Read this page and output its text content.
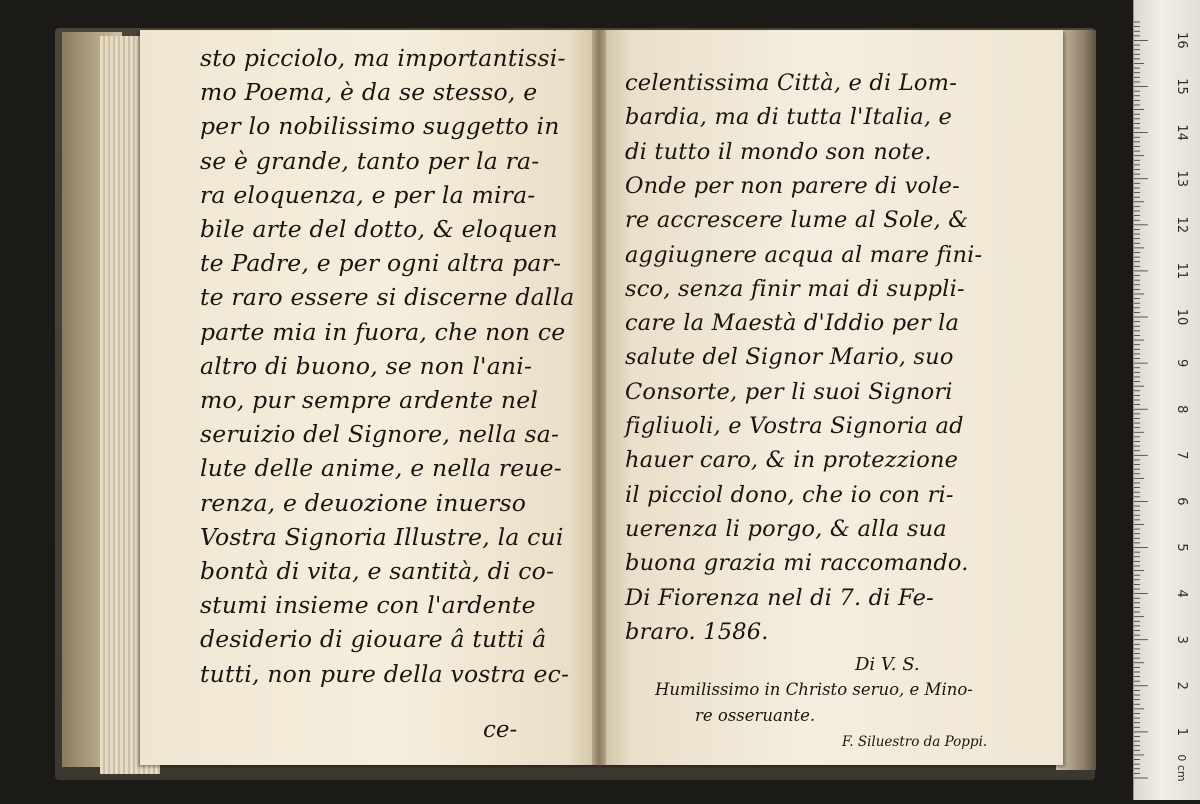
sto picciolo, ma importantissi-
mo Poema, è da se stesso, e
per lo nobilissimo suggetto in
se è grande, tanto per la ra-
ra eloquenza, e per la mira-
bile arte del dotto, & eloquen
te Padre, e per ogni altra par-
te raro essere si discerne dalla
parte mia in fuora, che non ce
altro di buono, se non l'ani-
mo, pur sempre ardente nel
seruizio del Signore, nella sa-
lute delle anime, e nella reue-
renza, e deuozione inuerso
Vostra Signoria Illustre, la cui
bontà di vita, e santità, di co-
stumi insieme con l'ardente
desiderio di giouare â tutti â
tutti, non pure della vostra ec-
ce-
celentissima Città, e di Lom-
bardia, ma di tutta l'Italia, e
di tutto il mondo son note.
Onde per non parere di vole-
re accrescere lume al Sole, &
aggiugnere acqua al mare fini-
sco, senza finir mai di suppli-
care la Maestà d'Iddio per la
salute del Signor Mario, suo
Consorte, per li suoi Signori
figliuoli, e Vostra Signoria ad
hauer caro, & in protezzione
il picciol dono, che io con ri-
uerenza li porgo, & alla sua
buona grazia mi raccomando.
Di Fiorenza nel di 7. di Fe-
braro. 1586.
Di V. S.
Humilissimo in Christo seruo, e Mino-
re osseruante.
F. Siluestro da Poppi.
16
15
14
13
12
11
10
9
8
7
6
5
4
3
2
1
0 cm
